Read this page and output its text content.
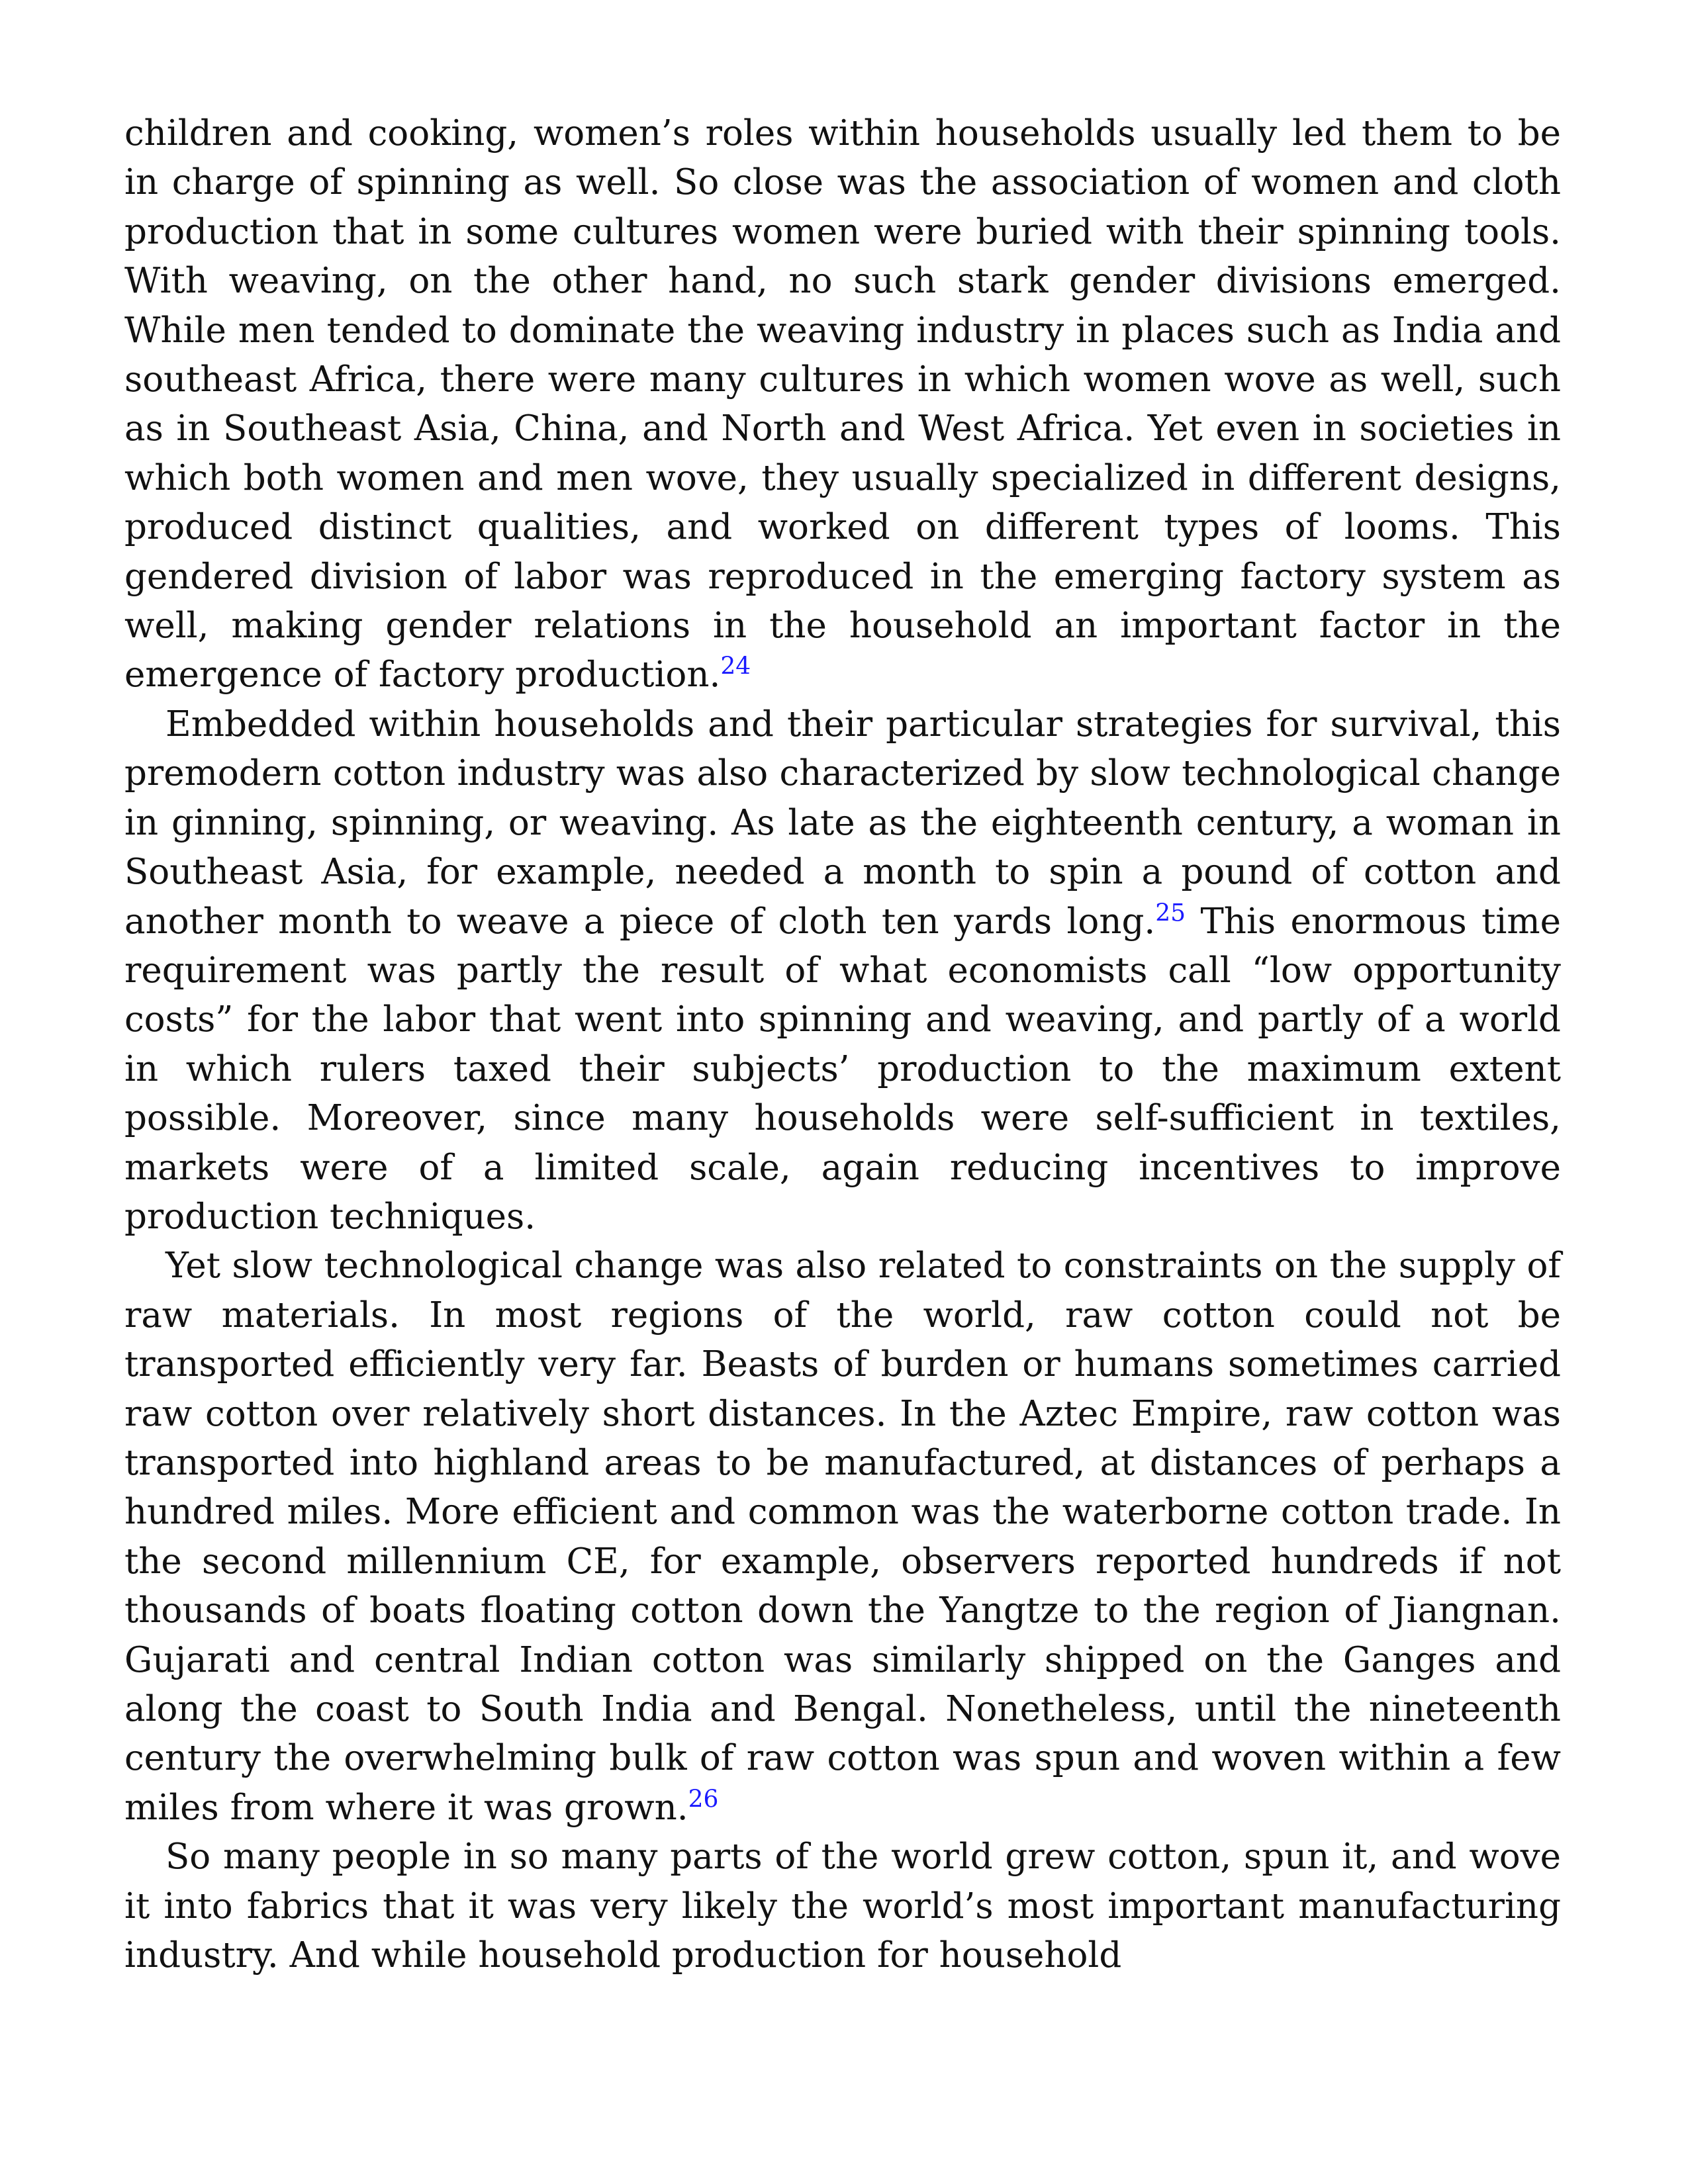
children and cooking, women’s roles within households usually led them to be in charge of spinning as well. So close was the association of women and cloth production that in some cultures women were buried with their spinning tools. With weaving, on the other hand, no such stark gender divisions emerged. While men tended to dominate the weaving industry in places such as India and southeast Africa, there were many cultures in which women wove as well, such as in Southeast Asia, China, and North and West Africa. Yet even in societies in which both women and men wove, they usually specialized in different designs, produced distinct qualities, and worked on different types of looms. This gendered division of labor was reproduced in the emerging factory system as well, making gender relations in the household an important factor in the emergence of factory production.$^{24}$

Embedded within households and their particular strategies for survival, this premodern cotton industry was also characterized by slow technological change in ginning, spinning, or weaving. As late as the eighteenth century, a woman in Southeast Asia, for example, needed a month to spin a pound of cotton and another month to weave a piece of cloth ten yards long.$^{25}$ This enormous time requirement was partly the result of what economists call “low opportunity costs” for the labor that went into spinning and weaving, and partly of a world in which rulers taxed their subjects’ production to the maximum extent possible. Moreover, since many households were self-sufficient in textiles, markets were of a limited scale, again reducing incentives to improve production techniques.

Yet slow technological change was also related to constraints on the supply of raw materials. In most regions of the world, raw cotton could not be transported efficiently very far. Beasts of burden or humans sometimes carried raw cotton over relatively short distances. In the Aztec Empire, raw cotton was transported into highland areas to be manufactured, at distances of perhaps a hundred miles. More efficient and common was the waterborne cotton trade. In the second millennium CE, for example, observers reported hundreds if not thousands of boats floating cotton down the Yangtze to the region of Jiangnan. Gujarati and central Indian cotton was similarly shipped on the Ganges and along the coast to South India and Bengal. Nonetheless, until the nineteenth century the overwhelming bulk of raw cotton was spun and woven within a few miles from where it was grown.$^{26}$

So many people in so many parts of the world grew cotton, spun it, and wove it into fabrics that it was very likely the world’s most important manufacturing industry. And while household production for household
